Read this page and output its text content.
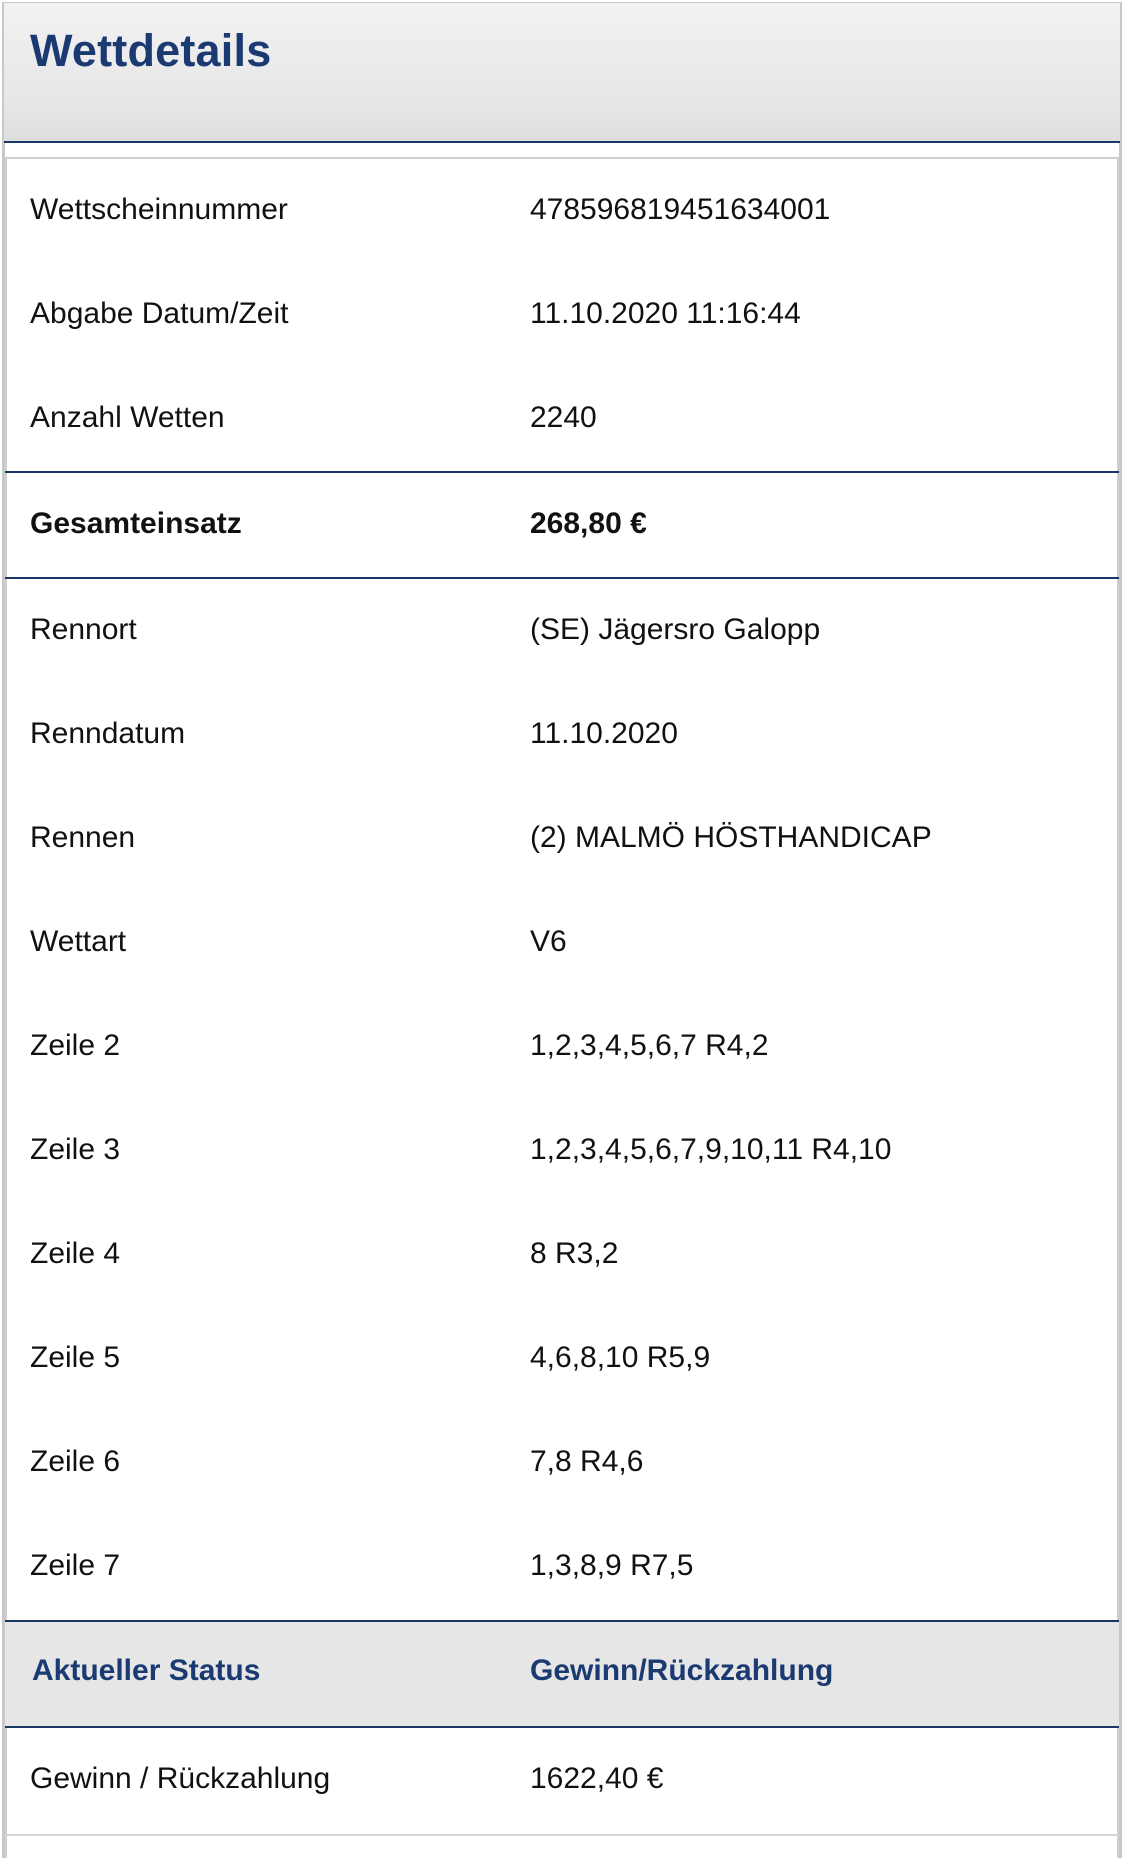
Wettdetails
Wettscheinnummer	478596819451634001
Abgabe Datum/Zeit	11.10.2020 11:16:44
Anzahl Wetten	2240
Gesamteinsatz	268,80 €
Rennort	(SE) Jägersro Galopp
Renndatum	11.10.2020
Rennen	(2) MALMÖ HÖSTHANDICAP
Wettart	V6
Zeile 2	1,2,3,4,5,6,7 R4,2
Zeile 3	1,2,3,4,5,6,7,9,10,11 R4,10
Zeile 4	8 R3,2
Zeile 5	4,6,8,10 R5,9
Zeile 6	7,8 R4,6
Zeile 7	1,3,8,9 R7,5
Aktueller Status	Gewinn/Rückzahlung
Gewinn / Rückzahlung	1622,40 €
